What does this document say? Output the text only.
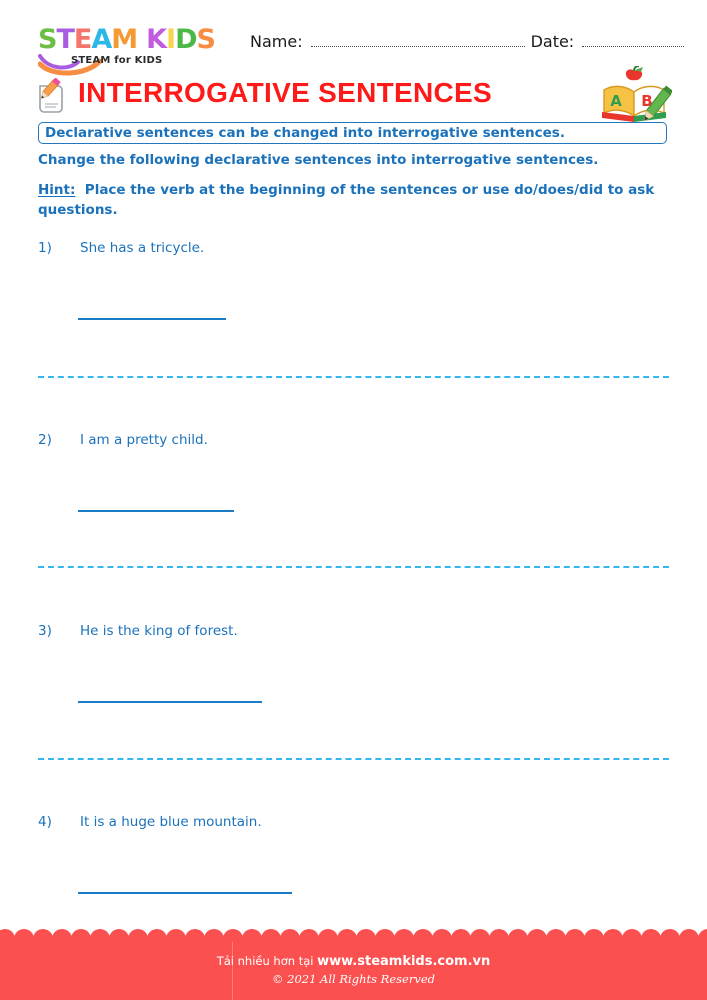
STEAM KIDS
STEAM for KIDS
Name:	Date:
INTERROGATIVE SENTENCES	A B
Declarative sentences can be changed into interrogative sentences.
Change the following declarative sentences into interrogative sentences.
Hint: Place the verb at the beginning of the sentences or use do/does/did to ask questions.
1) She has a tricycle.
2) I am a pretty child.
3) He is the king of forest.
4) It is a huge blue mountain.
Tải nhiều hơn tại www.steamkids.com.vn
© 2021 All Rights Reserved
